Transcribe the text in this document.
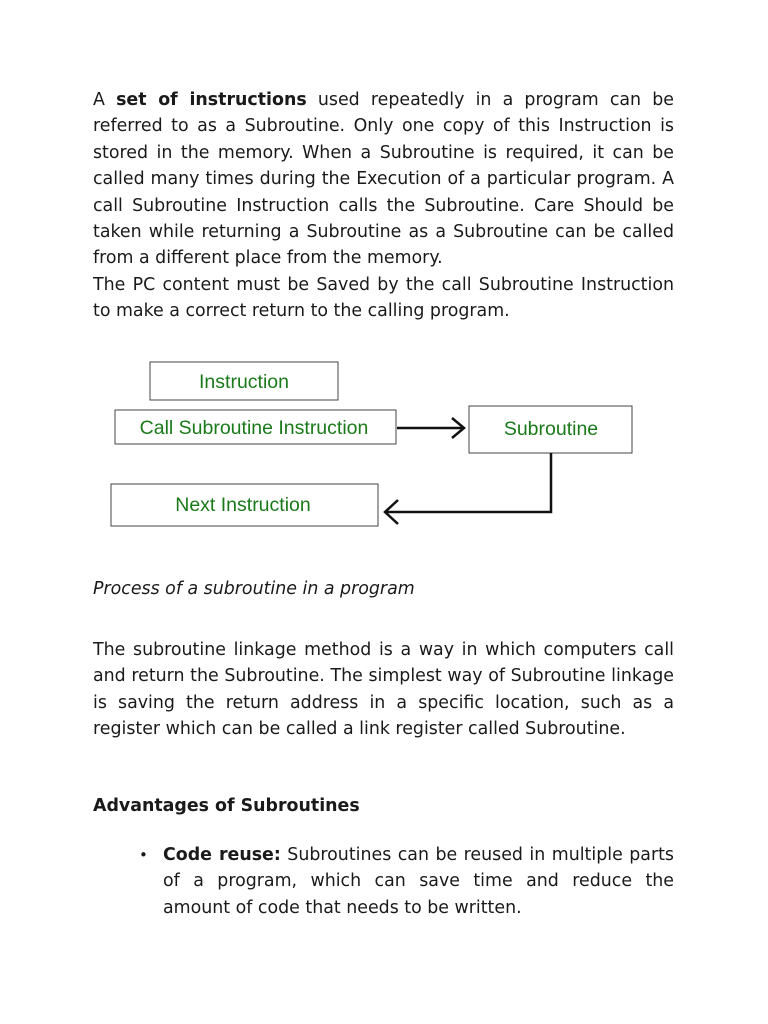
A set of instructions used repeatedly in a program can be referred to as a Subroutine. Only one copy of this Instruction is stored in the memory. When a Subroutine is required, it can be called many times during the Execution of a particular program. A call Subroutine Instruction calls the Subroutine. Care Should be taken while returning a Subroutine as a Subroutine can be called from a different place from the memory.
The PC content must be Saved by the call Subroutine Instruction to make a correct return to the calling program.
Instruction
Call Subroutine Instruction	Subroutine
Next Instruction

Process of a subroutine in a program

The subroutine linkage method is a way in which computers call and return the Subroutine. The simplest way of Subroutine linkage is saving the return address in a specific location, such as a register which can be called a link register called Subroutine.

Advantages of Subroutines

• Code reuse: Subroutines can be reused in multiple parts of a program, which can save time and reduce the amount of code that needs to be written.
